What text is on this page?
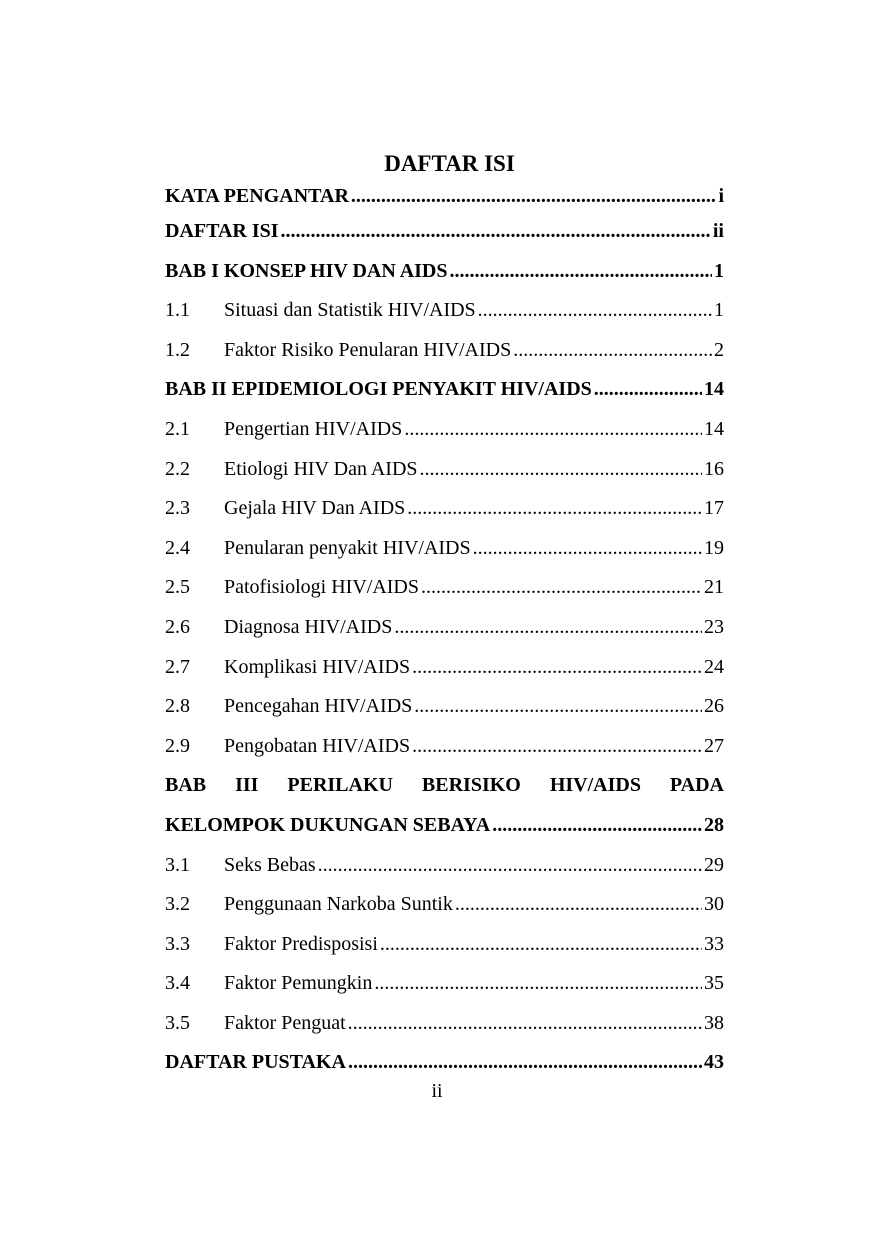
DAFTAR ISI
KATA PENGANTAR .....	i
DAFTAR ISI .....	ii
BAB I KONSEP HIV DAN AIDS .....	1
1.1	Situasi dan Statistik HIV/AIDS .....	1
1.2	Faktor Risiko Penularan HIV/AIDS .....	2
BAB II EPIDEMIOLOGI PENYAKIT HIV/AIDS .....	14
2.1	Pengertian HIV/AIDS .....	14
2.2	Etiologi HIV Dan AIDS .....	16
2.3	Gejala HIV Dan AIDS .....	17
2.4	Penularan penyakit HIV/AIDS .....	19
2.5	Patofisiologi HIV/AIDS .....	21
2.6	Diagnosa HIV/AIDS .....	23
2.7	Komplikasi HIV/AIDS .....	24
2.8	Pencegahan HIV/AIDS .....	26
2.9	Pengobatan HIV/AIDS .....	27
BAB III PERILAKU BERISIKO HIV/AIDS PADA
KELOMPOK DUKUNGAN SEBAYA .....	28
3.1	Seks Bebas .....	29
3.2	Penggunaan Narkoba Suntik .....	30
3.3	Faktor Predisposisi .....	33
3.4	Faktor Pemungkin .....	35
3.5	Faktor Penguat .....	38
DAFTAR PUSTAKA .....	43
ii
